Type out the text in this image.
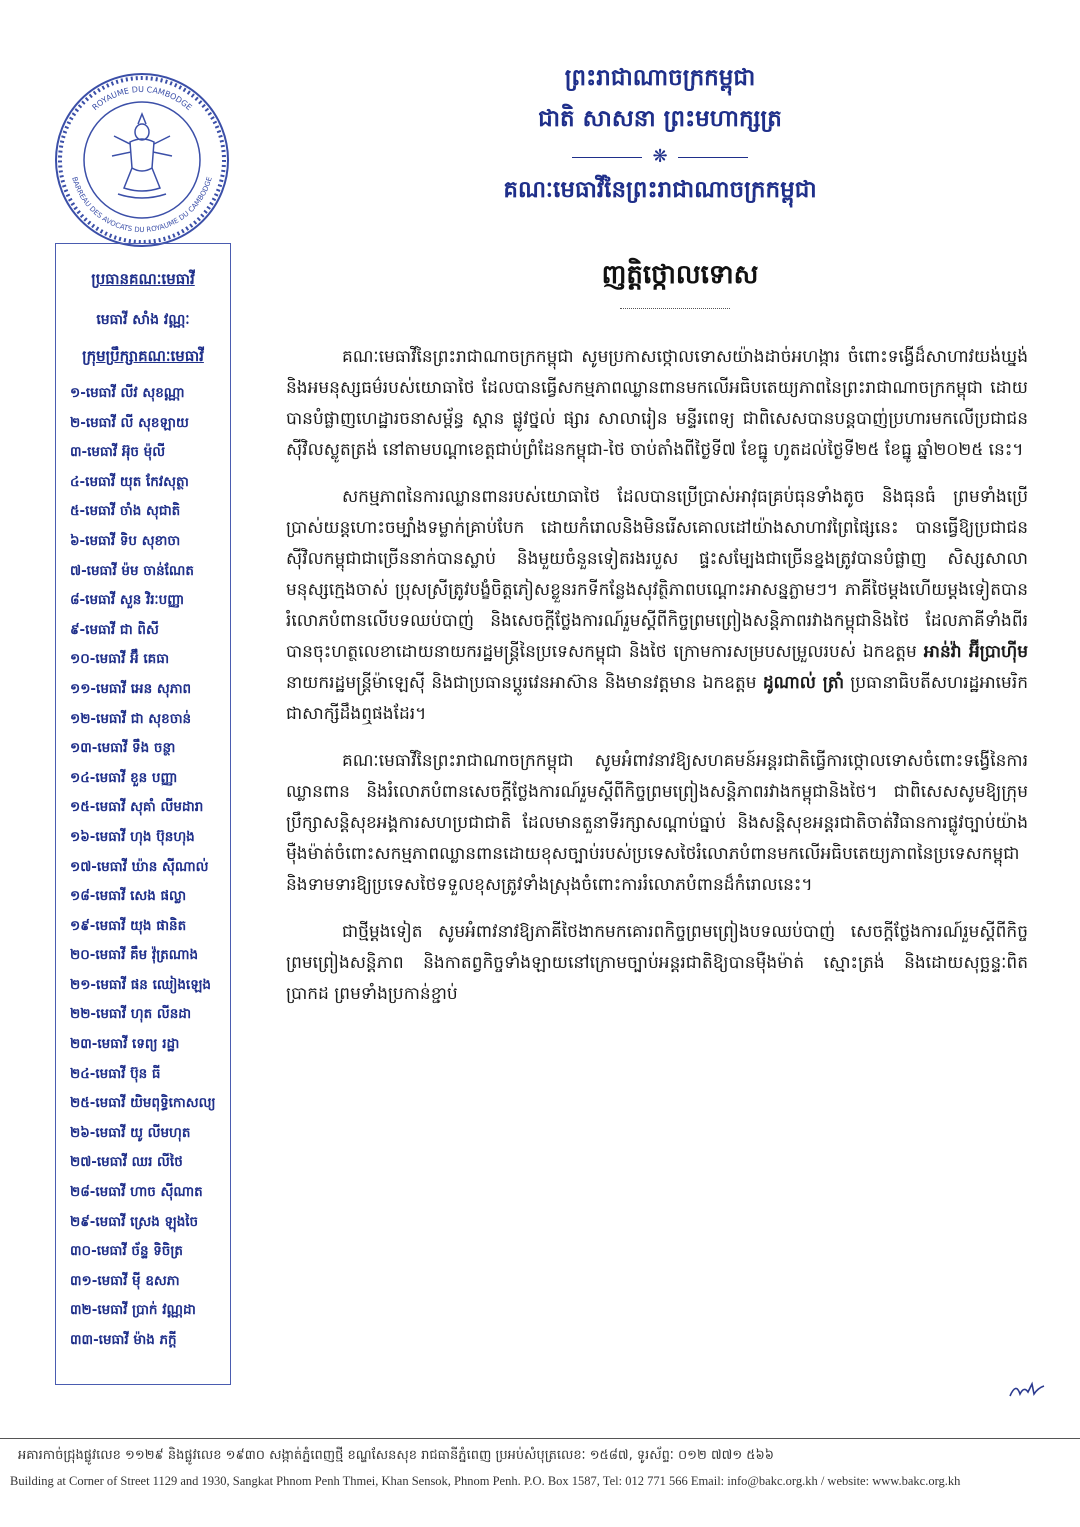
ROYAUME DU CAMBODGE
BARREAU DES AVOCATS DU ROYAUME DU CAMBODGE
ព្រះរាជាណាចក្រកម្ពុជា
ជាតិ សាសនា ព្រះមហាក្សត្រ
❋
គណៈមេធាវីនៃព្រះរាជាណាចក្រកម្ពុជា
ប្រធានគណៈមេធាវី
មេធាវី សាំង វណ្ណៈ
ក្រុមប្រឹក្សាគណៈមេធាវី
១-មេធាវី លីវ សុខណ្ណា
២-មេធាវី លី សុខឡាយ
៣-មេធាវី អ៊ុច ម៉ុលី
៤-មេធាវី យុត កែវសុត្ថា
៥-មេធាវី ចាំង សុជាតិ
៦-មេធាវី ទិប សុខាចា
៧-មេធាវី ម៉ម ចាន់ណែត
៨-មេធាវី សួន វិរៈបញ្ញា
៩-មេធាវី ជា ពិសី
១០-មេធាវី អ៊ឹ គេធា
១១-មេធាវី អេន សុភាព
១២-មេធាវី ជា សុខចាន់
១៣-មេធាវី ទឹង ចន្ថា
១៤-មេធាវី ខួន បញ្ញា
១៥-មេធាវី សុគាំ លីមដារា
១៦-មេធាវី ហុង ប៊ុនហុង
១៧-មេធាវី ឃ៉ាន ស៊ីណាល់
១៨-មេធាវី សេង ផល្លា
១៩-មេធាវី យុង ផានិត
២០-មេធាវី គឹម វ៉ុត្រណាង
២១-មេធាវី ផន ឈៀងឡេង
២២-មេធាវី ហុត លីនដា
២៣-មេធាវី ទេព្យ រដ្ឋា
២៤-មេធាវី ប៊ុន ធី
២៥-មេធាវី យិមពុទ្ធិកោសល្យ
២៦-មេធាវី យូ លីមហុត
២៧-មេធាវី ឈរ លីថៃ
២៨-មេធាវី ហាច ស៊ីណាត
២៩-មេធាវី ស្រេង ឡុងចៃ
៣០-មេធាវី ច័ន្ទ ទិចិត្រ
៣១-មេធាវី ម៉ី ឧសភា
៣២-មេធាវី ប្រាក់ វណ្ណដា
៣៣-មេធាវី ម៉ាង ភក្ដី
ញត្តិថ្កោលទោស

គណៈមេធាវីនៃព្រះរាជាណាចក្រកម្ពុជា សូមប្រកាសថ្កោលទោសយ៉ាងដាច់អហង្ការ ចំពោះទង្វើដ៏សាហាវយង់ឃ្នង់ និងអមនុស្សធម៌របស់យោធាថៃ ដែលបានធ្វើសកម្មភាពឈ្លានពានមកលើអធិបតេយ្យភាពនៃព្រះរាជាណាចក្រកម្ពុជា ដោយបានបំផ្លាញហេដ្ឋារចនាសម្ព័ន្ធ ស្ពាន ផ្លូវថ្នល់ ផ្សារ សាលារៀន មន្ទីរពេទ្យ ជាពិសេសបានបន្តបាញ់ប្រហារមកលើប្រជាជនស៊ីវិលស្លូតត្រង់ នៅតាមបណ្តាខេត្តជាប់ព្រំដែនកម្ពុជា-ថៃ ចាប់តាំងពីថ្ងៃទី៧ ខែធ្នូ ហូតដល់ថ្ងៃទី២៥ ខែធ្នូ ឆ្នាំ២០២៥ នេះ។

សកម្មភាពនៃការឈ្លានពានរបស់យោធាថៃ ដែលបានប្រើប្រាស់អាវុធគ្រប់ធុនទាំងតូច និងធុនធំ ព្រមទាំងប្រើប្រាស់យន្តហោះចម្បាំងទម្លាក់គ្រាប់បែក ដោយកំរោលនិងមិនរើសគោលដៅយ៉ាងសាហាវព្រៃផ្សៃនេះ បានធ្វើឱ្យប្រជាជនស៊ីវិលកម្ពុជាជាច្រើននាក់បានស្លាប់ និងមួយចំនួនទៀតរងរបួស ផ្ទះសម្បែងជាច្រើនខ្នងត្រូវបានបំផ្លាញ សិស្សសាលា មនុស្សក្មេងចាស់ ប្រុសស្រីត្រូវបង្ខំចិត្តភៀសខ្លួនរកទីកន្លែងសុវត្ថិភាពបណ្តោះអាសន្នភ្លាមៗ។ ភាគីថៃម្តងហើយម្តងទៀតបានរំលោភបំពានលើបទឈប់បាញ់ និងសេចក្តីថ្លែងការណ៍រួមស្តីពីកិច្ចព្រមព្រៀងសន្តិភាពរវាងកម្ពុជានិងថៃ ដែលភាគីទាំងពីរបានចុះហត្ថលេខាដោយនាយករដ្ឋមន្ត្រីនៃប្រទេសកម្ពុជា និងថៃ ក្រោមការសម្របសម្រួលរបស់ ឯកឧត្តម អាន់វ៉ា អ៊ីប្រាហ៊ីម នាយករដ្ឋមន្ត្រីម៉ាឡេស៊ី និងជាប្រធានប្តូរវេនអាស៊ាន និងមានវត្តមាន ឯកឧត្តម ដូណាល់ ត្រាំ ប្រធានាធិបតីសហរដ្ឋអាមេរិក ជាសាក្សីដឹងឮផងដែរ។

គណៈមេធាវីនៃព្រះរាជាណាចក្រកម្ពុជា សូមអំពាវនាវឱ្យសហគមន៍អន្តរជាតិធ្វើការថ្កោលទោសចំពោះទង្វើនៃការឈ្លានពាន និងរំលោភបំពានសេចក្តីថ្លែងការណ៍រួមស្តីពីកិច្ចព្រមព្រៀងសន្តិភាពរវាងកម្ពុជានិងថៃ។ ជាពិសេសសូមឱ្យក្រុមប្រឹក្សាសន្តិសុខអង្គការសហប្រជាជាតិ ដែលមានតួនាទីរក្សាសណ្តាប់ធ្នាប់ និងសន្តិសុខអន្តរជាតិចាត់វិធានការផ្លូវច្បាប់យ៉ាងម៉ឺងម៉ាត់ចំពោះសកម្មភាពឈ្លានពានដោយខុសច្បាប់របស់ប្រទេសថៃរំលោភបំពានមកលើអធិបតេយ្យភាពនៃប្រទេសកម្ពុជា និងទាមទារឱ្យប្រទេសថៃទទួលខុសត្រូវទាំងស្រុងចំពោះការរំលោភបំពានដ៏កំរោលនេះ។

ជាថ្មីម្តងទៀត សូមអំពាវនាវឱ្យភាគីថៃងាកមកគោរពកិច្ចព្រមព្រៀងបទឈប់បាញ់ សេចក្តីថ្លែងការណ៍រួមស្តីពីកិច្ចព្រមព្រៀងសន្តិភាព និងកាតព្វកិច្ចទាំងឡាយនៅក្រោមច្បាប់អន្តរជាតិឱ្យបានម៉ឺងម៉ាត់ ស្មោះត្រង់ និងដោយសុច្ឆន្ទៈពិតប្រាកដ ព្រមទាំងប្រកាន់ខ្ជាប់

អគារកាច់ជ្រុងផ្លូវលេខ ១១២៩ និងផ្លូវលេខ ១៩៣០ សង្កាត់ភ្នំពេញថ្មី ខណ្ឌសែនសុខ រាជធានីភ្នំពេញ ប្រអប់សំបុត្រលេខៈ ១៥៨៧, ទូរស័ព្ទៈ ០១២ ៧៧១ ៥៦៦
Building at Corner of Street 1129 and 1930, Sangkat Phnom Penh Thmei, Khan Sensok, Phnom Penh. P.O. Box 1587, Tel: 012 771 566 Email: info@bakc.org.kh / website: www.bakc.org.kh
